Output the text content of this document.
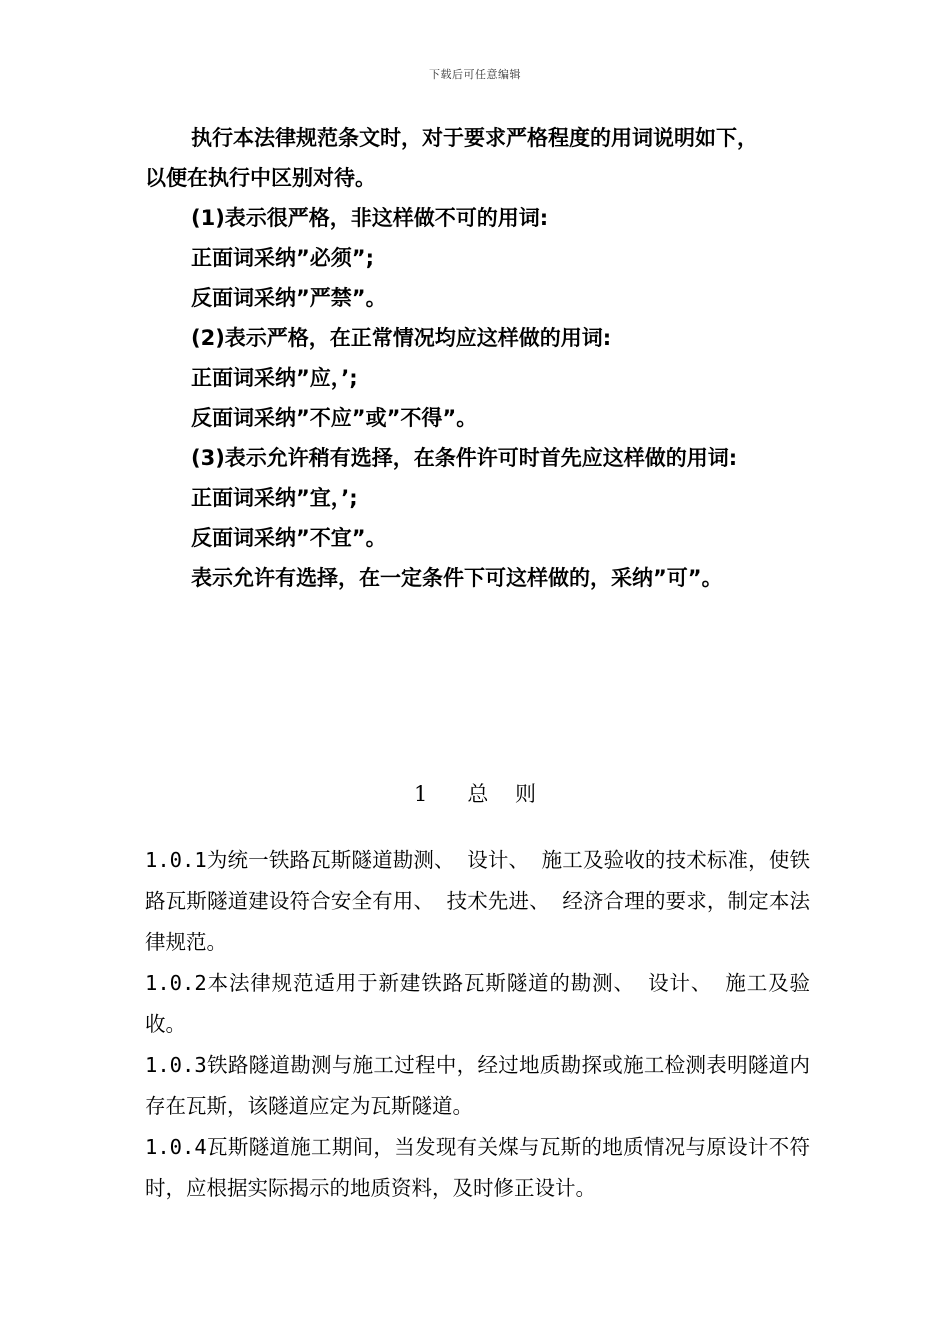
下载后可任意编辑

执行本法律规范条文时，对于要求严格程度的用词说明如下，

以便在执行中区别对待。

(1)表示很严格，非这样做不可的用词:

正面词采纳”必须”;

反面词采纳”严禁”。

(2)表示严格，在正常情况均应这样做的用词:

正面词采纳”应，’;

反面词采纳”不应”或”不得”。

(3)表示允许稍有选择，在条件许可时首先应这样做的用词:

正面词采纳”宜，’;

反面词采纳”不宜”。

表示允许有选择，在一定条件下可这样做的，采纳”可”。

1      总    则

1.0.1为统一铁路瓦斯隧道勘测、 设计、 施工及验收的技术标准，使铁路瓦斯隧道建设符合安全有用、 技术先进、 经济合理的要求，制定本法律规范。

1.0.2本法律规范适用于新建铁路瓦斯隧道的勘测、 设计、 施工及验收。

1.0.3铁路隧道勘测与施工过程中，经过地质勘探或施工检测表明隧道内存在瓦斯，该隧道应定为瓦斯隧道。

1.0.4瓦斯隧道施工期间，当发现有关煤与瓦斯的地质情况与原设计不符时，应根据实际揭示的地质资料，及时修正设计。
